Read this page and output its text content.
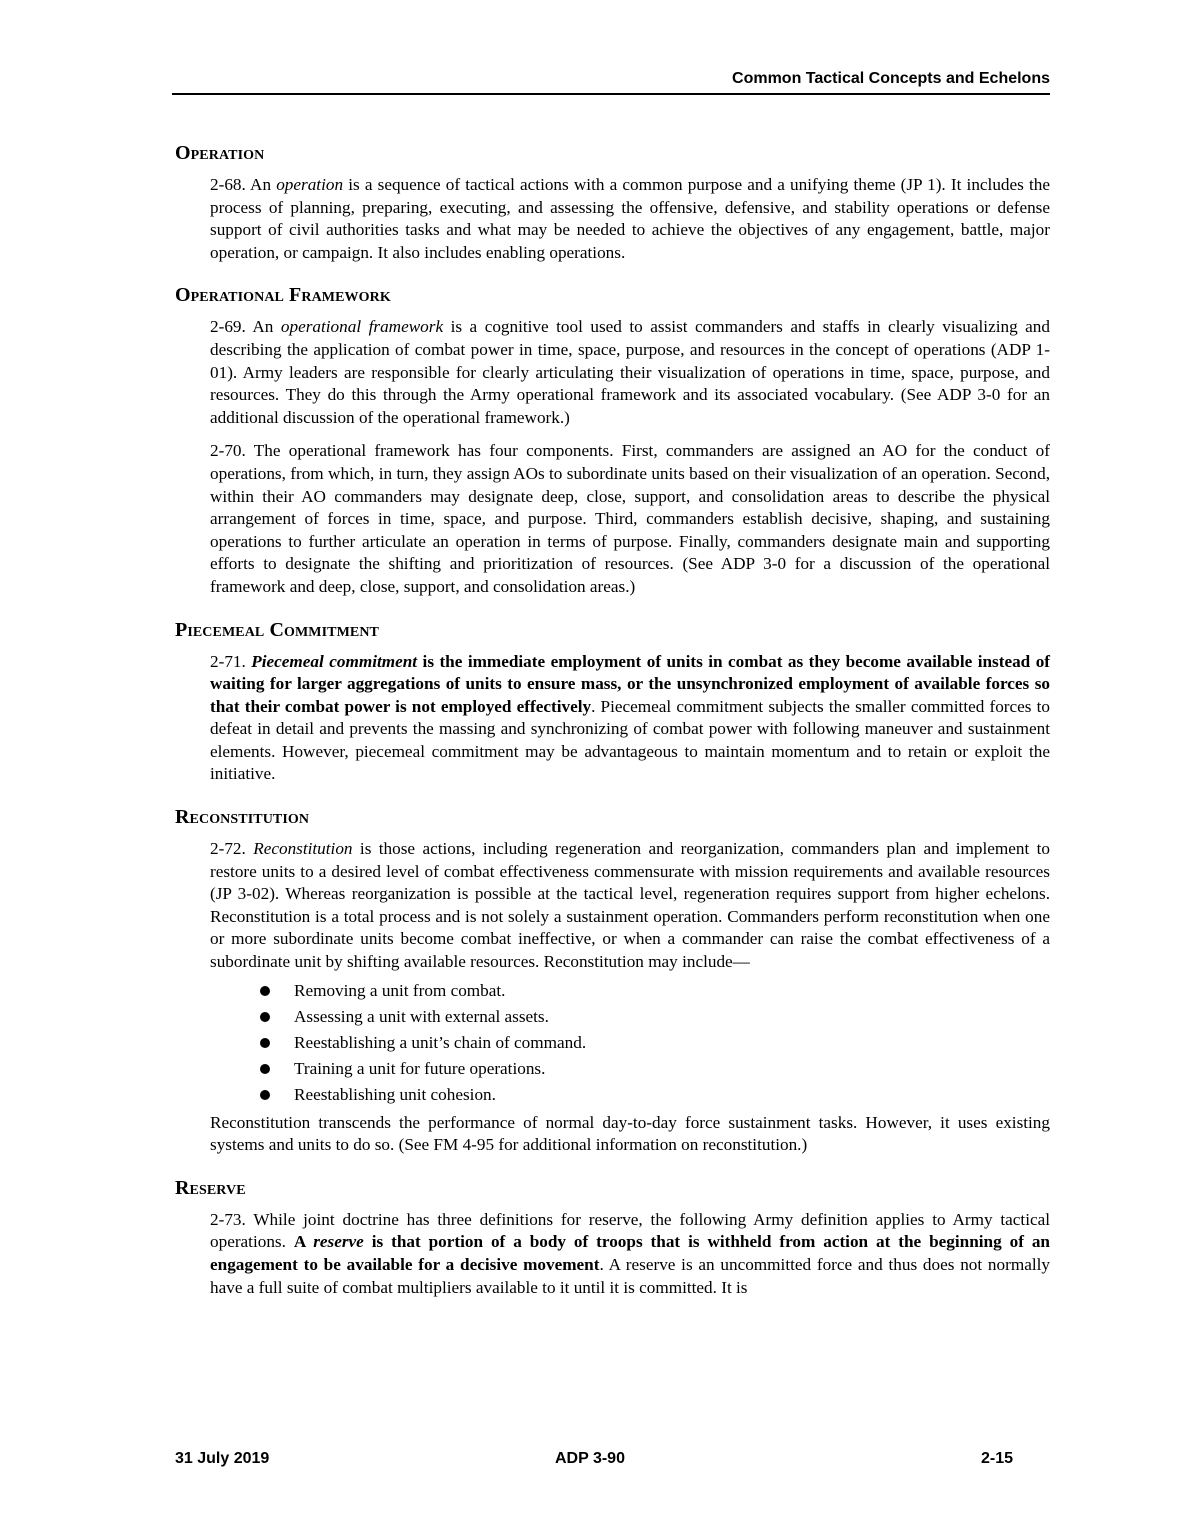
Common Tactical Concepts and Echelons
Operation

2-68. An operation is a sequence of tactical actions with a common purpose and a unifying theme (JP 1). It includes the process of planning, preparing, executing, and assessing the offensive, defensive, and stability operations or defense support of civil authorities tasks and what may be needed to achieve the objectives of any engagement, battle, major operation, or campaign. It also includes enabling operations.

Operational Framework

2-69. An operational framework is a cognitive tool used to assist commanders and staffs in clearly visualizing and describing the application of combat power in time, space, purpose, and resources in the concept of operations (ADP 1-01). Army leaders are responsible for clearly articulating their visualization of operations in time, space, purpose, and resources. They do this through the Army operational framework and its associated vocabulary. (See ADP 3-0 for an additional discussion of the operational framework.)

2-70. The operational framework has four components. First, commanders are assigned an AO for the conduct of operations, from which, in turn, they assign AOs to subordinate units based on their visualization of an operation. Second, within their AO commanders may designate deep, close, support, and consolidation areas to describe the physical arrangement of forces in time, space, and purpose. Third, commanders establish decisive, shaping, and sustaining operations to further articulate an operation in terms of purpose. Finally, commanders designate main and supporting efforts to designate the shifting and prioritization of resources. (See ADP 3-0 for a discussion of the operational framework and deep, close, support, and consolidation areas.)

Piecemeal Commitment

2-71. Piecemeal commitment is the immediate employment of units in combat as they become available instead of waiting for larger aggregations of units to ensure mass, or the unsynchronized employment of available forces so that their combat power is not employed effectively. Piecemeal commitment subjects the smaller committed forces to defeat in detail and prevents the massing and synchronizing of combat power with following maneuver and sustainment elements. However, piecemeal commitment may be advantageous to maintain momentum and to retain or exploit the initiative.

Reconstitution

2-72. Reconstitution is those actions, including regeneration and reorganization, commanders plan and implement to restore units to a desired level of combat effectiveness commensurate with mission requirements and available resources (JP 3-02). Whereas reorganization is possible at the tactical level, regeneration requires support from higher echelons. Reconstitution is a total process and is not solely a sustainment operation. Commanders perform reconstitution when one or more subordinate units become combat ineffective, or when a commander can raise the combat effectiveness of a subordinate unit by shifting available resources. Reconstitution may include—

Removing a unit from combat.
Assessing a unit with external assets.
Reestablishing a unit’s chain of command.
Training a unit for future operations.
Reestablishing unit cohesion.

Reconstitution transcends the performance of normal day-to-day force sustainment tasks. However, it uses existing systems and units to do so. (See FM 4-95 for additional information on reconstitution.)

Reserve

2-73. While joint doctrine has three definitions for reserve, the following Army definition applies to Army tactical operations. A reserve is that portion of a body of troops that is withheld from action at the beginning of an engagement to be available for a decisive movement. A reserve is an uncommitted force and thus does not normally have a full suite of combat multipliers available to it until it is committed. It is

31 July 2019	ADP 3-90	2-15
